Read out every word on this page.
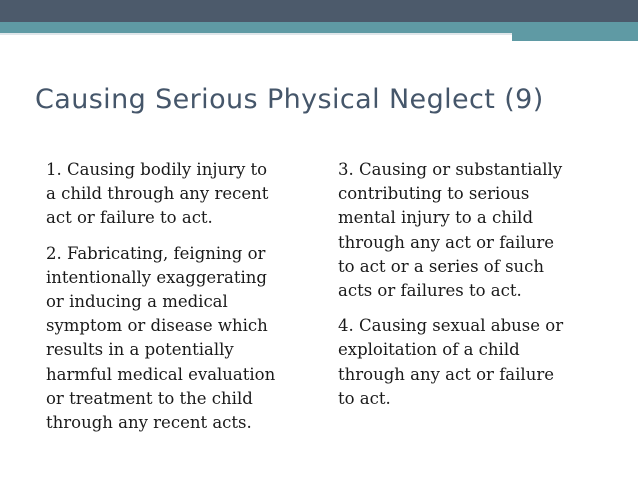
Causing Serious Physical Neglect (9)

1. Causing bodily injury to
a child through any recent
act or failure to act.

2. Fabricating, feigning or
intentionally exaggerating
or inducing a medical
symptom or disease which
results in a potentially
harmful medical evaluation
or treatment to the child
through any recent acts.

3. Causing or substantially
contributing to serious
mental injury to a child
through any act or failure
to act or a series of such
acts or failures to act.

4. Causing sexual abuse or
exploitation of a child
through any act or failure
to act.
